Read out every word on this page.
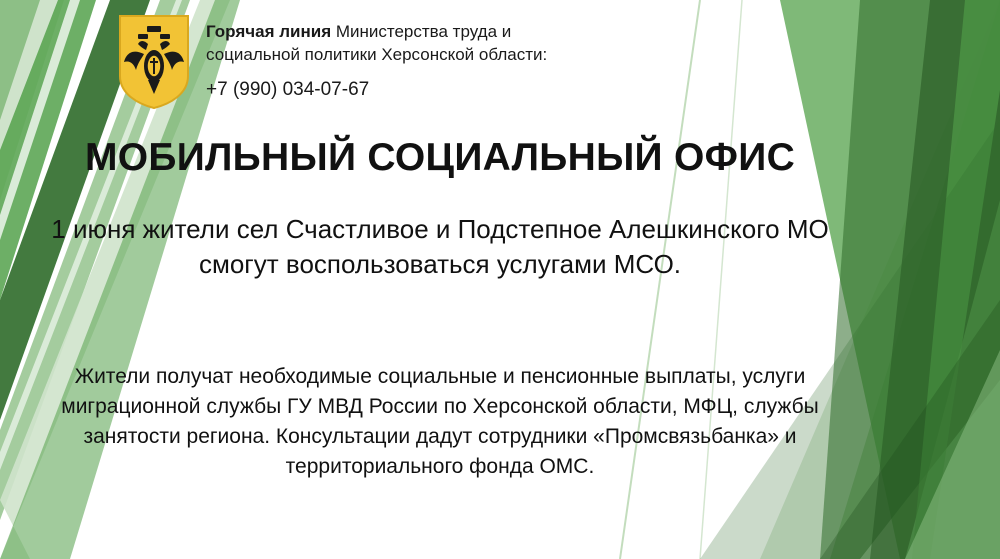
Горячая линия Министерства труда и
социальной политики Херсонской области:
+7 (990) 034-07-67
МОБИЛЬНЫЙ СОЦИАЛЬНЫЙ ОФИС
1 июня жители сел Счастливое и Подстепное Алешкинского МО смогут воспользоваться услугами МСО.
Жители получат необходимые социальные и пенсионные выплаты, услуги миграционной службы ГУ МВД России по Херсонской области, МФЦ, службы занятости региона. Консультации дадут сотрудники «Промсвязьбанка» и территориального фонда ОМС.
